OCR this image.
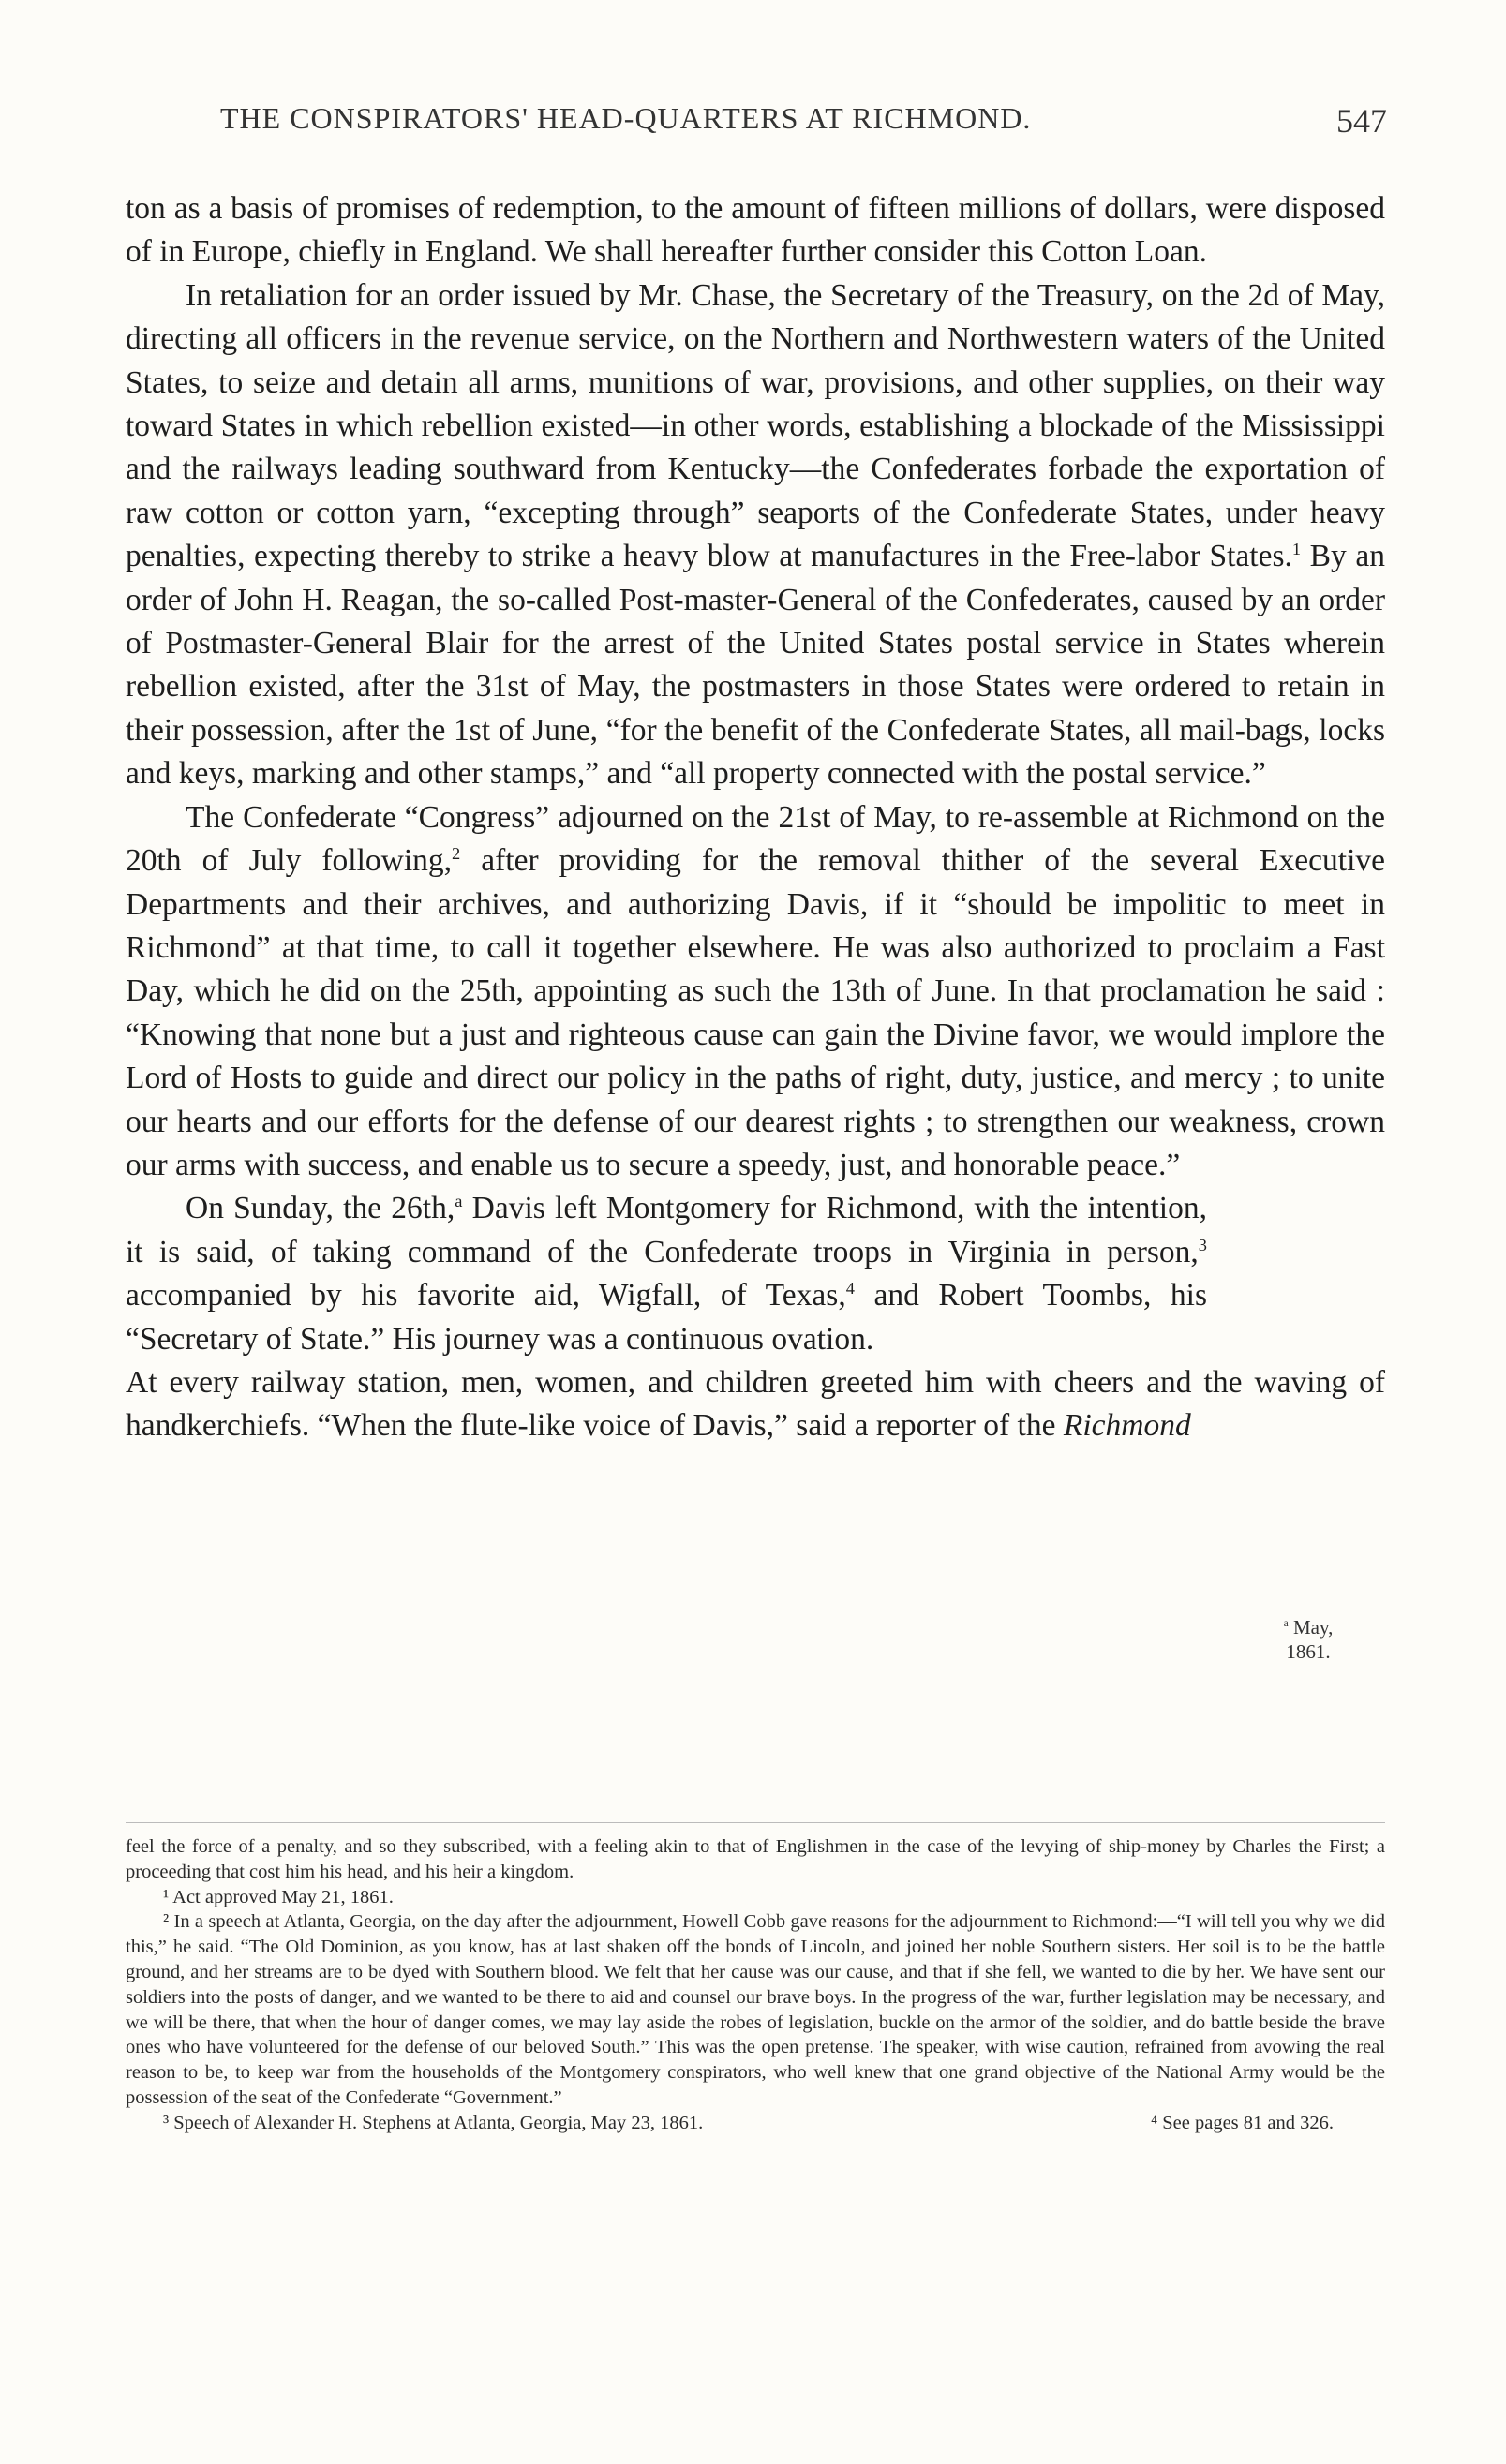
THE CONSPIRATORS' HEAD-QUARTERS AT RICHMOND.	547

ton as a basis of promises of redemption, to the amount of fifteen millions of dollars, were disposed of in Europe, chiefly in England. We shall hereafter further consider this Cotton Loan.

In retaliation for an order issued by Mr. Chase, the Secretary of the Treasury, on the 2d of May, directing all officers in the revenue service, on the Northern and Northwestern waters of the United States, to seize and detain all arms, munitions of war, provisions, and other supplies, on their way toward States in which rebellion existed—in other words, establishing a blockade of the Mississippi and the railways leading southward from Kentucky—the Confederates forbade the exportation of raw cotton or cotton yarn, “excepting through” seaports of the Confederate States, under heavy penalties, expecting thereby to strike a heavy blow at manufactures in the Free-labor States.$^1$ By an order of John H. Reagan, the so-called Post-master-General of the Confederates, caused by an order of Postmaster-General Blair for the arrest of the United States postal service in States wherein rebellion existed, after the 31st of May, the postmasters in those States were ordered to retain in their possession, after the 1st of June, “for the benefit of the Confederate States, all mail-bags, locks and keys, marking and other stamps,” and “all property connected with the postal service.”

The Confederate “Congress” adjourned on the 21st of May, to re-assemble at Richmond on the 20th of July following,$^2$ after providing for the removal thither of the several Executive Departments and their archives, and authorizing Davis, if it “should be impolitic to meet in Richmond” at that time, to call it together elsewhere. He was also authorized to proclaim a Fast Day, which he did on the 25th, appointing as such the 13th of June. In that proclamation he said : “Knowing that none but a just and righteous cause can gain the Divine favor, we would implore the Lord of Hosts to guide and direct our policy in the paths of right, duty, justice, and mercy ; to unite our hearts and our efforts for the defense of our dearest rights ; to strengthen our weakness, crown our arms with success, and enable us to secure a speedy, just, and honorable peace.”

On Sunday, the 26th,$^a$ Davis left Montgomery for Richmond, with the intention, it is said, of taking command of the Confederate troops in Virginia in person,$^3$ accompanied by his favorite aid, Wigfall, of Texas,$^4$ and Robert Toombs, his “Secretary of State.” His journey was a continuous ovation.

At every railway station, men, women, and children greeted him with cheers and the waving of handkerchiefs. “When the flute-like voice of Davis,” said a reporter of the Richmond

$^a$ May,
1861.

feel the force of a penalty, and so they subscribed, with a feeling akin to that of Englishmen in the case of the levying of ship-money by Charles the First; a proceeding that cost him his head, and his heir a kingdom.

¹ Act approved May 21, 1861.

² In a speech at Atlanta, Georgia, on the day after the adjournment, Howell Cobb gave reasons for the adjournment to Richmond:—“I will tell you why we did this,” he said. “The Old Dominion, as you know, has at last shaken off the bonds of Lincoln, and joined her noble Southern sisters. Her soil is to be the battle ground, and her streams are to be dyed with Southern blood. We felt that her cause was our cause, and that if she fell, we wanted to die by her. We have sent our soldiers into the posts of danger, and we wanted to be there to aid and counsel our brave boys. In the progress of the war, further legislation may be necessary, and we will be there, that when the hour of danger comes, we may lay aside the robes of legislation, buckle on the armor of the soldier, and do battle beside the brave ones who have volunteered for the defense of our beloved South.” This was the open pretense. The speaker, with wise caution, refrained from avowing the real reason to be, to keep war from the households of the Montgomery conspirators, who well knew that one grand objective of the National Army would be the possession of the seat of the Confederate “Government.”

³ Speech of Alexander H. Stephens at Atlanta, Georgia, May 23, 1861.	⁴ See pages 81 and 326.
